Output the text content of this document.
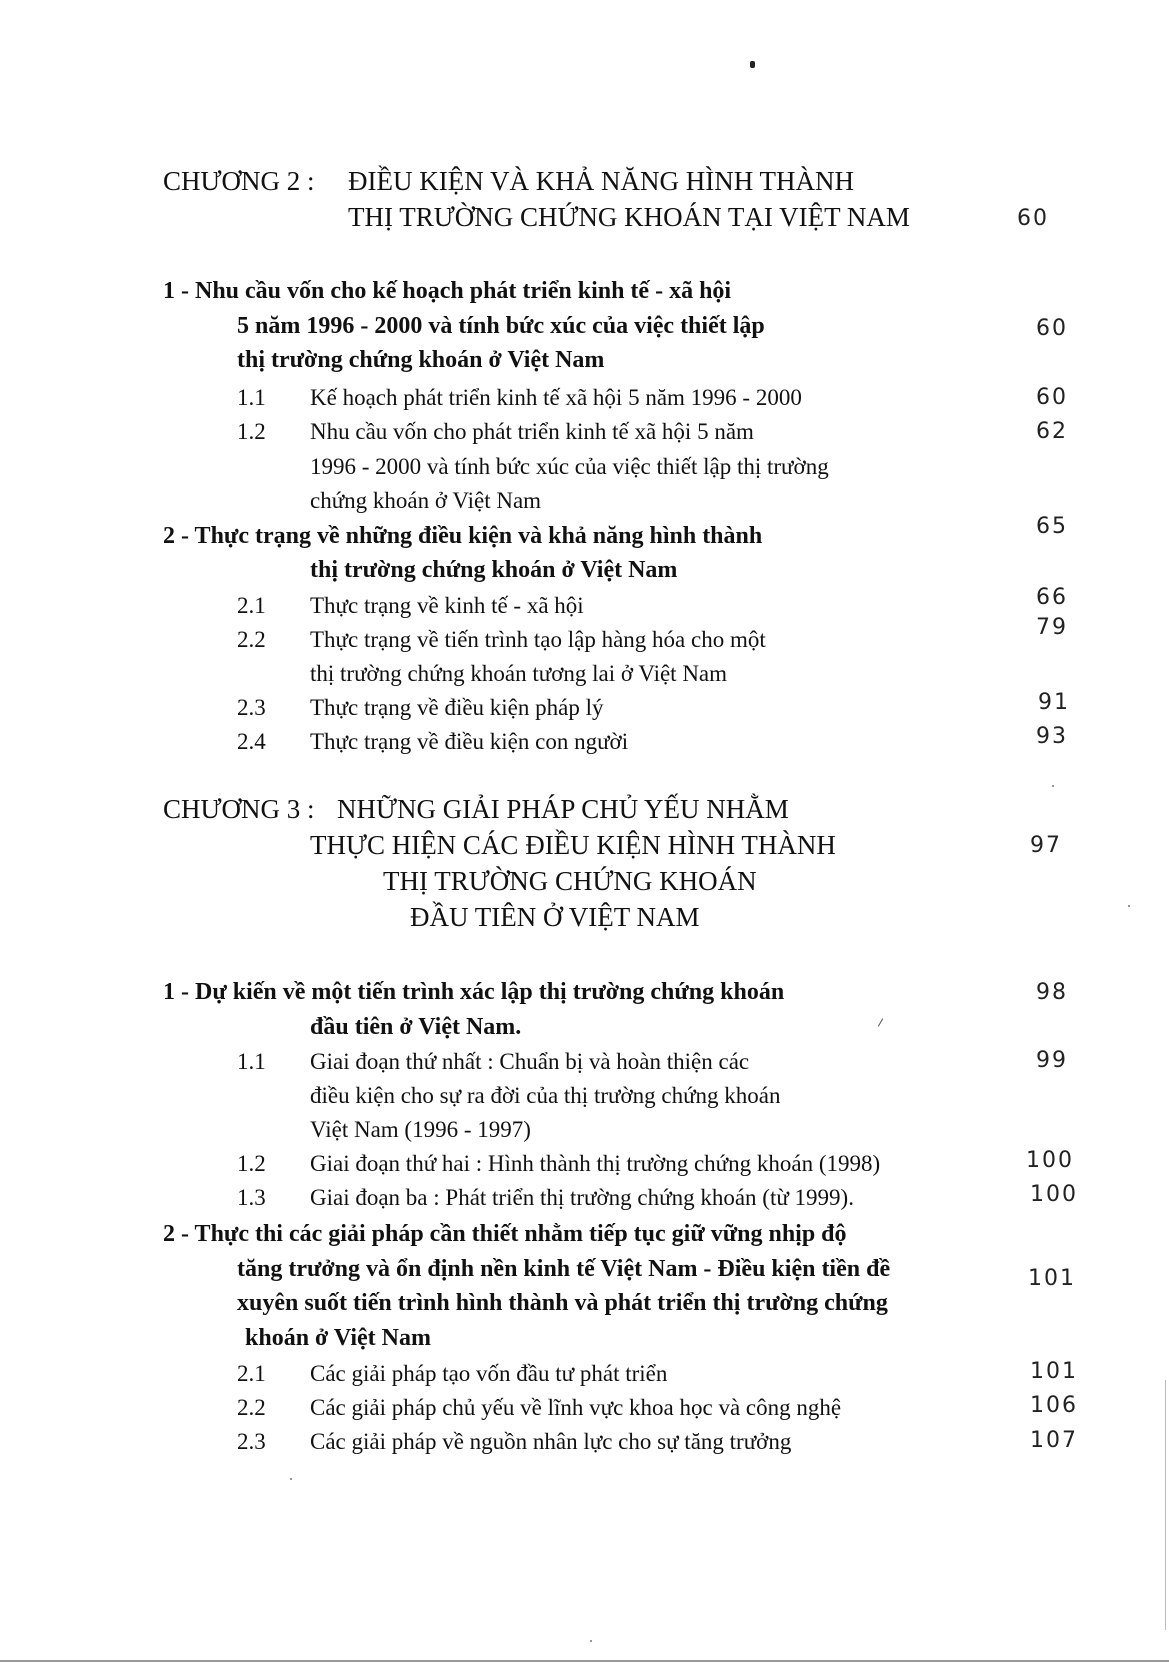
CHƯƠNG 2 : ĐIỀU KIỆN VÀ KHẢ NĂNG HÌNH THÀNH
THỊ TRƯỜNG CHỨNG KHOÁN TẠI VIỆT NAM	60
1 - Nhu cầu vốn cho kế hoạch phát triển kinh tế - xã hội
5 năm 1996 - 2000 và tính bức xúc của việc thiết lập
thị trường chứng khoán ở Việt Nam
60
1.1 Kế hoạch phát triển kinh tế xã hội 5 năm 1996 - 2000	60
1.2 Nhu cầu vốn cho phát triển kinh tế xã hội 5 năm
1996 - 2000 và tính bức xúc của việc thiết lập thị trường
chứng khoán ở Việt Nam
62
2 - Thực trạng về những điều kiện và khả năng hình thành
thị trường chứng khoán ở Việt Nam
65
2.1 Thực trạng về kinh tế - xã hội	66
2.2 Thực trạng về tiến trình tạo lập hàng hóa cho một
thị trường chứng khoán tương lai ở Việt Nam
79
2.3 Thực trạng về điều kiện pháp lý	91
2.4 Thực trạng về điều kiện con người	93
CHƯƠNG 3 : NHỮNG GIẢI PHÁP CHỦ YẾU NHẰM
THỰC HIỆN CÁC ĐIỀU KIỆN HÌNH THÀNH
THỊ TRƯỜNG CHỨNG KHOÁN
ĐẦU TIÊN Ở VIỆT NAM
97
1 - Dự kiến về một tiến trình xác lập thị trường chứng khoán
đầu tiên ở Việt Nam.
98
1.1 Giai đoạn thứ nhất : Chuẩn bị và hoàn thiện các
điều kiện cho sự ra đời của thị trường chứng khoán
Việt Nam (1996 - 1997)
99
1.2 Giai đoạn thứ hai : Hình thành thị trường chứng khoán (1998)	100
1.3 Giai đoạn ba : Phát triển thị trường chứng khoán (từ 1999).	100
2 - Thực thi các giải pháp cần thiết nhằm tiếp tục giữ vững nhịp độ
tăng trưởng và ổn định nền kinh tế Việt Nam - Điều kiện tiền đề
xuyên suốt tiến trình hình thành và phát triển thị trường chứng
khoán ở Việt Nam
101
2.1 Các giải pháp tạo vốn đầu tư phát triển	101
2.2 Các giải pháp chủ yếu về lĩnh vực khoa học và công nghệ	106
2.3 Các giải pháp về nguồn nhân lực cho sự tăng trưởng	107
